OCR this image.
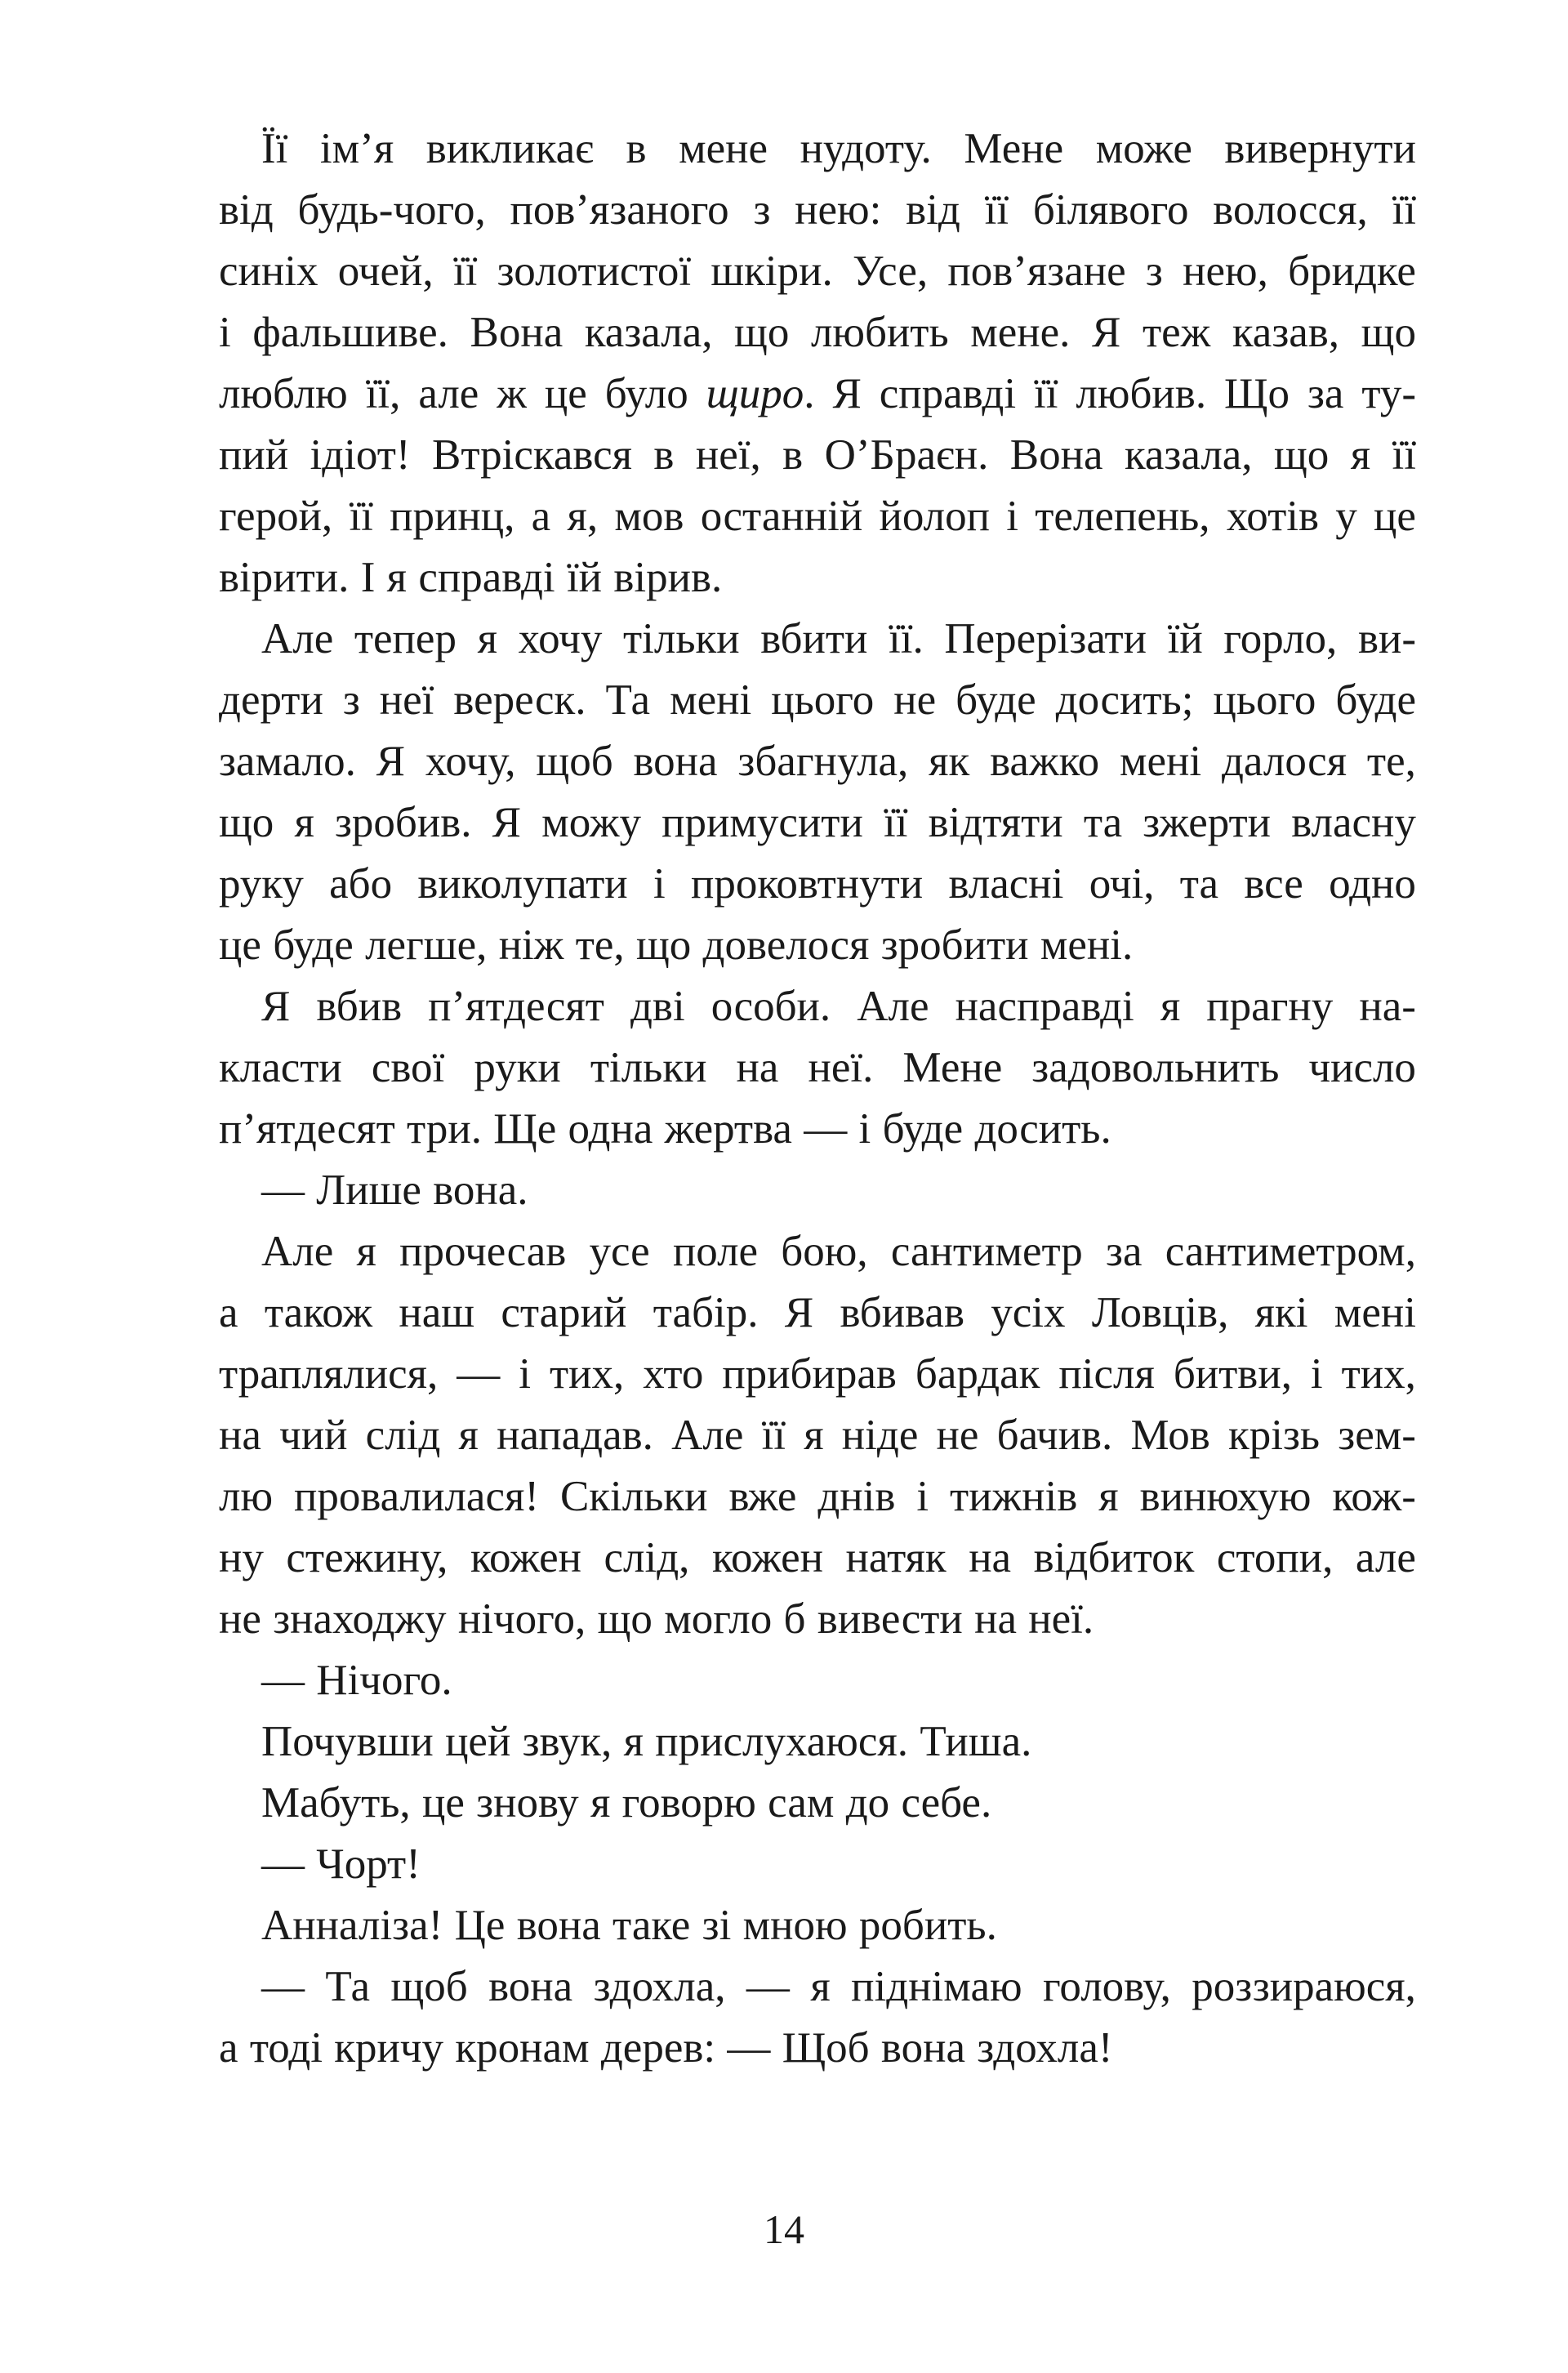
Її ім’я викликає в мене нудоту. Мене може вивернути
від будь-чого, пов’язаного з нею: від її білявого волосся, її
синіх очей, її золотистої шкіри. Усе, пов’язане з нею, бридке
і фальшиве. Вона казала, що любить мене. Я теж казав, що
люблю її, але ж це було щиро. Я справді її любив. Що за ту-
пий ідіот! Втріскався в неї, в О’Браєн. Вона казала, що я її
герой, її принц, а я, мов останній йолоп і телепень, хотів у це
вірити. І я справді їй вірив.
Але тепер я хочу тільки вбити її. Перерізати їй горло, ви-
дерти з неї вереск. Та мені цього не буде досить; цього буде
замало. Я хочу, щоб вона збагнула, як важко мені далося те,
що я зробив. Я можу примусити її відтяти та зжерти власну
руку або виколупати і проковтнути власні очі, та все одно
це буде легше, ніж те, що довелося зробити мені.
Я вбив п’ятдесят дві особи. Але насправді я прагну на-
класти свої руки тільки на неї. Мене задовольнить число
п’ятдесят три. Ще одна жертва — і буде досить.
— Лише вона.
Але я прочесав усе поле бою, сантиметр за сантиметром,
а також наш старий табір. Я вбивав усіх Ловців, які мені
траплялися, — і тих, хто прибирав бардак після битви, і тих,
на чий слід я нападав. Але її я ніде не бачив. Мов крізь зем-
лю провалилася! Скільки вже днів і тижнів я винюхую кож-
ну стежину, кожен слід, кожен натяк на відбиток стопи, але
не знаходжу нічого, що могло б вивести на неї.
— Нічого.
Почувши цей звук, я прислухаюся. Тиша.
Мабуть, це знову я говорю сам до себе.
— Чорт!
Анналіза! Це вона таке зі мною робить.
— Та щоб вона здохла, — я піднімаю голову, роззираюся,
а тоді кричу кронам дерев: — Щоб вона здохла!
14
